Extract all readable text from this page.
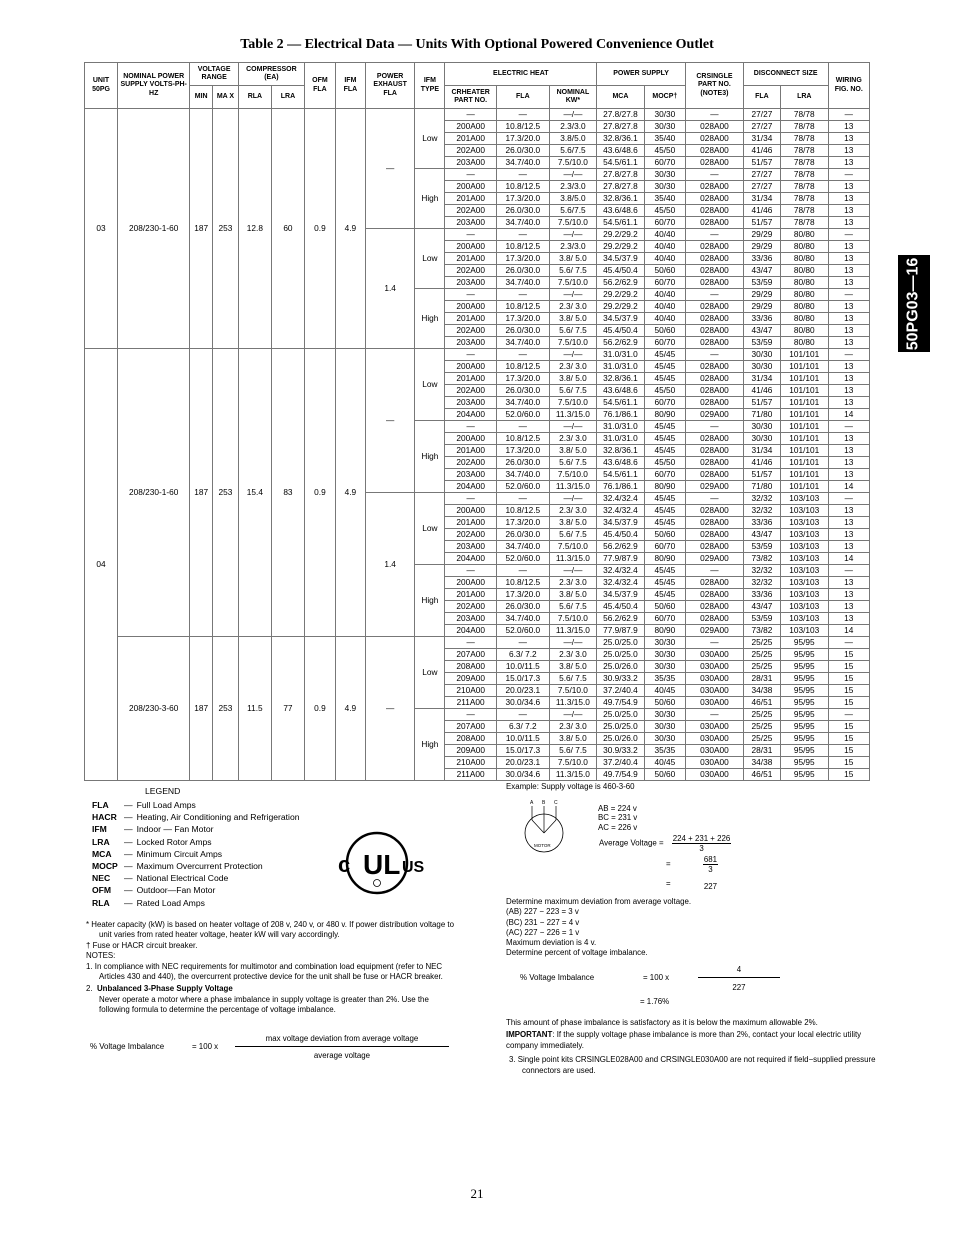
Table 2 — Electrical Data — Units With Optional Powered Convenience Outlet
50PG03—16
UNIT 50PG	NOMINAL POWER SUPPLY VOLTS-PH-HZ	VOLTAGE RANGE		COMPRESSOR (EA)		OFM FLA	IFM FLA	POWER EXHAUST FLA	IFM TYPE	ELECTRIC HEAT			POWER SUPPLY		CRSINGLE PART NO. (NOTE3)	DISCONNECT SIZE		WIRING FIG. NO.
		MIN	MA X	RLA	LRA					CRHEATER PART NO.	FLA	NOMINAL KW*	MCA	MOCP†		FLA	LRA	
03	208/230-1-60	187	253	12.8	60	0.9	4.9	—	Low	—	—	—/—	27.8/27.8	30/30	—	27/27	78/78	—
										200A00	10.8/12.5	2.3/3.0	27.8/27.8	30/30	028A00	27/27	78/78	13
										201A00	17.3/20.0	3.8/5.0	32.8/36.1	35/40	028A00	31/34	78/78	13
										202A00	26.0/30.0	5.6/7.5	43.6/48.6	45/50	028A00	41/46	78/78	13
										203A00	34.7/40.0	7.5/10.0	54.5/61.1	60/70	028A00	51/57	78/78	13
									High	—	—	—/—	27.8/27.8	30/30	—	27/27	78/78	—
										200A00	10.8/12.5	2.3/3.0	27.8/27.8	30/30	028A00	27/27	78/78	13
										201A00	17.3/20.0	3.8/5.0	32.8/36.1	35/40	028A00	31/34	78/78	13
										202A00	26.0/30.0	5.6/7.5	43.6/48.6	45/50	028A00	41/46	78/78	13
										203A00	34.7/40.0	7.5/10.0	54.5/61.1	60/70	028A00	51/57	78/78	13
								1.4	Low	—	—	—/—	29.2/29.2	40/40	—	29/29	80/80	—
										200A00	10.8/12.5	2.3/3.0	29.2/29.2	40/40	028A00	29/29	80/80	13
										201A00	17.3/20.0	3.8/ 5.0	34.5/37.9	40/40	028A00	33/36	80/80	13
										202A00	26.0/30.0	5.6/ 7.5	45.4/50.4	50/60	028A00	43/47	80/80	13
										203A00	34.7/40.0	7.5/10.0	56.2/62.9	60/70	028A00	53/59	80/80	13
									High	—	—	—/—	29.2/29.2	40/40	—	29/29	80/80	—
										200A00	10.8/12.5	2.3/ 3.0	29.2/29.2	40/40	028A00	29/29	80/80	13
										201A00	17.3/20.0	3.8/ 5.0	34.5/37.9	40/40	028A00	33/36	80/80	13
										202A00	26.0/30.0	5.6/ 7.5	45.4/50.4	50/60	028A00	43/47	80/80	13
										203A00	34.7/40.0	7.5/10.0	56.2/62.9	60/70	028A00	53/59	80/80	13
04	208/230-1-60	187	253	15.4	83	0.9	4.9	—	Low	—	—	—/—	31.0/31.0	45/45	—	30/30	101/101	—
										200A00	10.8/12.5	2.3/ 3.0	31.0/31.0	45/45	028A00	30/30	101/101	13
										201A00	17.3/20.0	3.8/ 5.0	32.8/36.1	45/45	028A00	31/34	101/101	13
										202A00	26.0/30.0	5.6/ 7.5	43.6/48.6	45/50	028A00	41/46	101/101	13
										203A00	34.7/40.0	7.5/10.0	54.5/61.1	60/70	028A00	51/57	101/101	13
										204A00	52.0/60.0	11.3/15.0	76.1/86.1	80/90	029A00	71/80	101/101	14
									High	—	—	—/—	31.0/31.0	45/45	—	30/30	101/101	—
										200A00	10.8/12.5	2.3/ 3.0	31.0/31.0	45/45	028A00	30/30	101/101	13
										201A00	17.3/20.0	3.8/ 5.0	32.8/36.1	45/45	028A00	31/34	101/101	13
										202A00	26.0/30.0	5.6/ 7.5	43.6/48.6	45/50	028A00	41/46	101/101	13
										203A00	34.7/40.0	7.5/10.0	54.5/61.1	60/70	028A00	51/57	101/101	13
										204A00	52.0/60.0	11.3/15.0	76.1/86.1	80/90	029A00	71/80	101/101	14
								1.4	Low	—	—	—/—	32.4/32.4	45/45	—	32/32	103/103	—
										200A00	10.8/12.5	2.3/ 3.0	32.4/32.4	45/45	028A00	32/32	103/103	13
										201A00	17.3/20.0	3.8/ 5.0	34.5/37.9	45/45	028A00	33/36	103/103	13
										202A00	26.0/30.0	5.6/ 7.5	45.4/50.4	50/60	028A00	43/47	103/103	13
										203A00	34.7/40.0	7.5/10.0	56.2/62.9	60/70	028A00	53/59	103/103	13
										204A00	52.0/60.0	11.3/15.0	77.9/87.9	80/90	029A00	73/82	103/103	14
									High	—	—	—/—	32.4/32.4	45/45	—	32/32	103/103	—
										200A00	10.8/12.5	2.3/ 3.0	32.4/32.4	45/45	028A00	32/32	103/103	13
										201A00	17.3/20.0	3.8/ 5.0	34.5/37.9	45/45	028A00	33/36	103/103	13
										202A00	26.0/30.0	5.6/ 7.5	45.4/50.4	50/60	028A00	43/47	103/103	13
										203A00	34.7/40.0	7.5/10.0	56.2/62.9	60/70	028A00	53/59	103/103	13
										204A00	52.0/60.0	11.3/15.0	77.9/87.9	80/90	029A00	73/82	103/103	14
	208/230-3-60	187	253	11.5	77	0.9	4.9	—	Low	—	—	—/—	25.0/25.0	30/30	—	25/25	95/95	—
										207A00	6.3/ 7.2	2.3/ 3.0	25.0/25.0	30/30	030A00	25/25	95/95	15
										208A00	10.0/11.5	3.8/ 5.0	25.0/26.0	30/30	030A00	25/25	95/95	15
										209A00	15.0/17.3	5.6/ 7.5	30.9/33.2	35/35	030A00	28/31	95/95	15
										210A00	20.0/23.1	7.5/10.0	37.2/40.4	40/45	030A00	34/38	95/95	15
										211A00	30.0/34.6	11.3/15.0	49.7/54.9	50/60	030A00	46/51	95/95	15
									High	—	—	—/—	25.0/25.0	30/30	—	25/25	95/95	—
										207A00	6.3/ 7.2	2.3/ 3.0	25.0/25.0	30/30	030A00	25/25	95/95	15
										208A00	10.0/11.5	3.8/ 5.0	25.0/26.0	30/30	030A00	25/25	95/95	15
										209A00	15.0/17.3	5.6/ 7.5	30.9/33.2	35/35	030A00	28/31	95/95	15
										210A00	20.0/23.1	7.5/10.0	37.2/40.4	40/45	030A00	34/38	95/95	15
										211A00	30.0/34.6	11.3/15.0	49.7/54.9	50/60	030A00	46/51	95/95	15
LEGEND
FLA	—	Full Load Amps
HACR	—	Heating, Air Conditioning and Refrigeration
IFM	—	Indoor — Fan Motor
LRA	—	Locked Rotor Amps
MCA	—	Minimum Circuit Amps
MOCP	—	Maximum Overcurrent Protection
NEC	—	National Electrical Code
OFM	—	Outdoor—Fan Motor
RLA	—	Rated Load Amps
c UL US

* Heater capacity (kW) is based on heater voltage of 208 v, 240 v, or 480 v. If power distribution voltage to unit varies from rated heater voltage, heater kW will vary accordingly.

† Fuse or HACR circuit breaker.

NOTES:

1. In compliance with NEC requirements for multimotor and combination load equipment (refer to NEC Articles 430 and 440), the overcurrent protective device for the unit shall be fuse or HACR breaker.

2. Unbalanced 3-Phase Supply Voltage

Never operate a motor where a phase imbalance in supply voltage is greater than 2%. Use the following formula to determine the percentage of voltage imbalance.

% Voltage Imbalance	= 100 x
max voltage deviation from average voltage
average voltage

Example: Supply voltage is 460-3-60

A B C
MOTOR
AB = 224 v
BC = 231 v
AC = 226 v
Average Voltage = $\frac{224 + 231 + 226}{3}$
=	$\frac{681}{3}$
=	227

Determine maximum deviation from average voltage.

(AB) 227 − 223 = 3 v

(BC) 231 − 227 = 4 v

(AC) 227 − 226 = 1 v

Maximum deviation is 4 v.

Determine percent of voltage imbalance.

% Voltage Imbalance	= 100 x
4
227
= 1.76%

This amount of phase imbalance is satisfactory as it is below the maximum allowable 2%.

IMPORTANT: If the supply voltage phase imbalance is more than 2%, contact your local electric utility company immediately.

3. Single point kits CRSINGLE028A00 and CRSINGLE030A00 are not required if field−supplied pressure connectors are used.

21
